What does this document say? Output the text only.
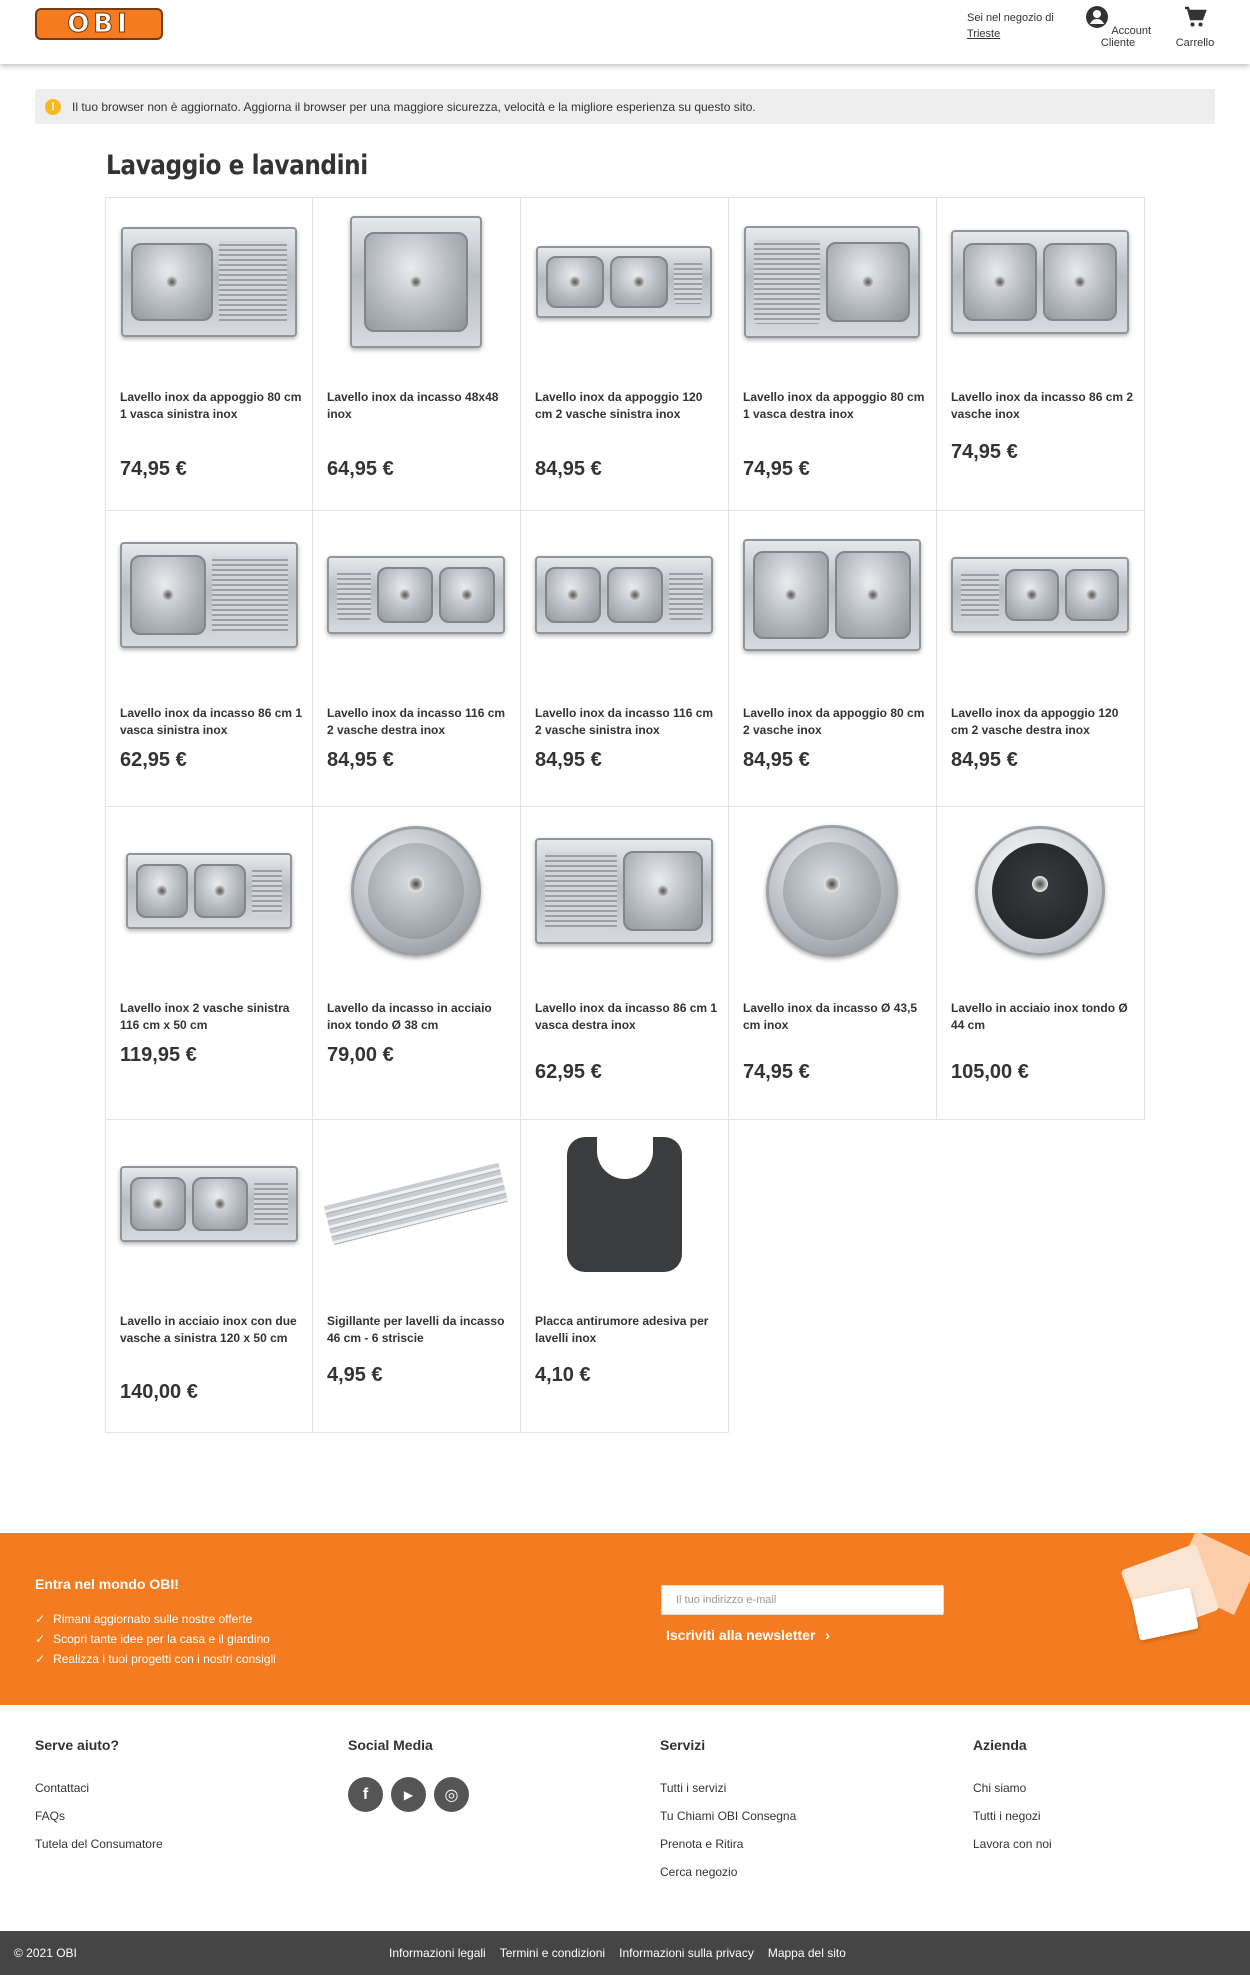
OBI	Sei nel negozio di
Trieste	Account Cliente	Carrello
!	Il tuo browser non è aggiornato. Aggiorna il browser per una maggiore sicurezza, velocità e la migliore esperienza su questo sito.
Lavaggio e lavandini
Lavello inox da appoggio 80 cm 1 vasca sinistra inox
74,95 €
Lavello inox da incasso 48x48 inox
64,95 €
Lavello inox da appoggio 120 cm 2 vasche sinistra inox
84,95 €
Lavello inox da appoggio 80 cm 1 vasca destra inox
74,95 €
Lavello inox da incasso 86 cm 2 vasche inox
74,95 €
Lavello inox da incasso 86 cm 1 vasca sinistra inox
62,95 €
Lavello inox da incasso 116 cm 2 vasche destra inox
84,95 €
Lavello inox da incasso 116 cm 2 vasche sinistra inox
84,95 €
Lavello inox da appoggio 80 cm 2 vasche inox
84,95 €
Lavello inox da appoggio 120 cm 2 vasche destra inox
84,95 €
Lavello inox 2 vasche sinistra 116 cm x 50 cm
119,95 €
Lavello da incasso in acciaio inox tondo Ø 38 cm
79,00 €
Lavello inox da incasso 86 cm 1 vasca destra inox
62,95 €
Lavello inox da incasso Ø 43,5 cm inox
74,95 €
Lavello in acciaio inox tondo Ø 44 cm
105,00 €
Lavello in acciaio inox con due vasche a sinistra 120 x 50 cm
140,00 €
Sigillante per lavelli da incasso 46 cm - 6 striscie
4,95 €
Placca antirumore adesiva per lavelli inox
4,10 €
Entra nel mondo OBI!
✓ Rimani aggiornato sulle nostre offerte
✓ Scopri tante idee per la casa e il giardino
✓ Realizza i tuoi progetti con i nostri consigli
Il tuo indirizzo e-mail
Iscriviti alla newsletter ›
Serve aiuto?
Contattaci
FAQs
Tutela del Consumatore
Social Media
f	▶	◎
Servizi
Tutti i servizi
Tu Chiami OBI Consegna
Prenota e Ritira
Cerca negozio
Azienda
Chi siamo
Tutti i negozi
Lavora con noi
© 2021 OBI	Informazioni legali Termini e condizioni Informazioni sulla privacy Mappa del sito
